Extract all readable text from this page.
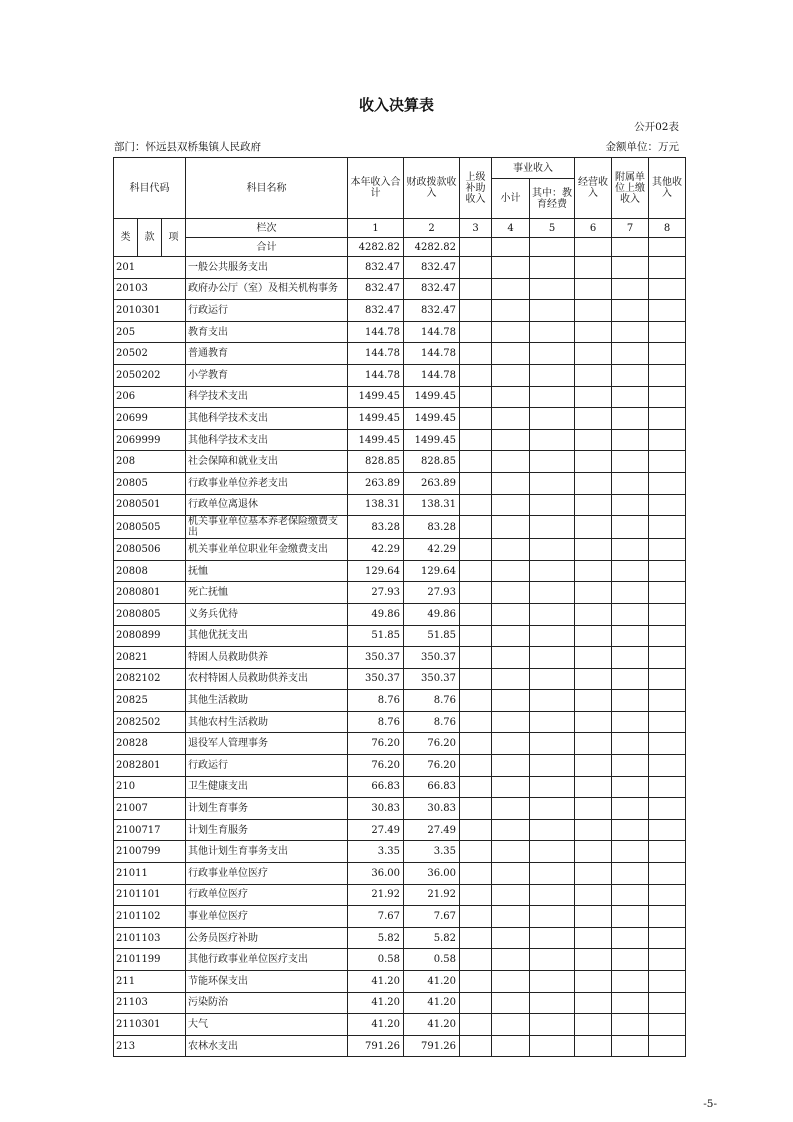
收入决算表
公开02表
部门：怀远县双桥集镇人民政府	金额单位：万元
科目代码			科目名称	本年收入合计	财政拨款收入	上级补助收入	事业收入		经营收入	附属单位上缴收入	其他收入
							小计	其中：教育经费			

类	款	项	栏次	1	2	3	4	5	6	7	8
			合计	4282.82	4282.82						
201			一般公共服务支出	832.47	832.47						
20103			政府办公厅（室）及相关机构事务	832.47	832.47						
2010301			行政运行	832.47	832.47						
205			教育支出	144.78	144.78						
20502			普通教育	144.78	144.78						
2050202			小学教育	144.78	144.78						
206			科学技术支出	1499.45	1499.45						
20699			其他科学技术支出	1499.45	1499.45						
2069999			其他科学技术支出	1499.45	1499.45						
208			社会保障和就业支出	828.85	828.85						
20805			行政事业单位养老支出	263.89	263.89						
2080501			行政单位离退休	138.31	138.31						
2080505			机关事业单位基本养老保险缴费支出	83.28	83.28						
2080506			机关事业单位职业年金缴费支出	42.29	42.29						
20808			抚恤	129.64	129.64						
2080801			死亡抚恤	27.93	27.93						
2080805			义务兵优待	49.86	49.86						
2080899			其他优抚支出	51.85	51.85						
20821			特困人员救助供养	350.37	350.37						
2082102			农村特困人员救助供养支出	350.37	350.37						
20825			其他生活救助	8.76	8.76						
2082502			其他农村生活救助	8.76	8.76						
20828			退役军人管理事务	76.20	76.20						
2082801			行政运行	76.20	76.20						
210			卫生健康支出	66.83	66.83						
21007			计划生育事务	30.83	30.83						
2100717			计划生育服务	27.49	27.49						
2100799			其他计划生育事务支出	3.35	3.35						
21011			行政事业单位医疗	36.00	36.00						
2101101			行政单位医疗	21.92	21.92						
2101102			事业单位医疗	7.67	7.67						
2101103			公务员医疗补助	5.82	5.82						
2101199			其他行政事业单位医疗支出	0.58	0.58						
211			节能环保支出	41.20	41.20						
21103			污染防治	41.20	41.20						
2110301			大气	41.20	41.20						
213			农林水支出	791.26	791.26						
-5-
